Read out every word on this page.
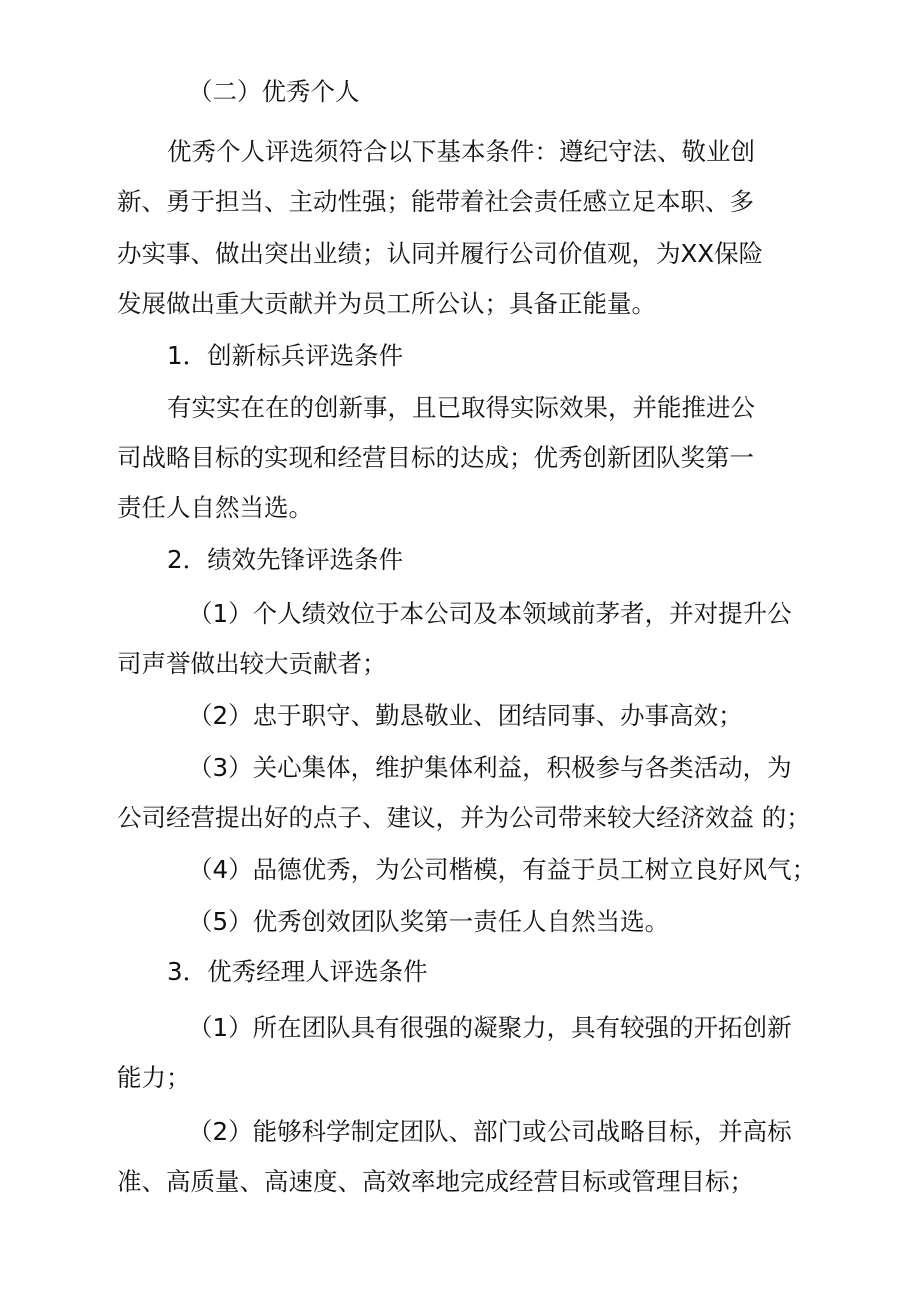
（二）优秀个人
优秀个人评选须符合以下基本条件：遵纪守法、敬业创
新、勇于担当、主动性强；能带着社会责任感立足本职、多
办实事、做出突出业绩；认同并履行公司价值观，为XX保险
发展做出重大贡献并为员工所公认；具备正能量。
1．创新标兵评选条件
有实实在在的创新事，且已取得实际效果，并能推进公
司战略目标的实现和经营目标的达成；优秀创新团队奖第一
责任人自然当选。
2．绩效先锋评选条件
（1）个人绩效位于本公司及本领域前茅者，并对提升公
司声誉做出较大贡献者；
（2）忠于职守、勤恳敬业、团结同事、办事高效；
（3）关心集体，维护集体利益，积极参与各类活动，为
公司经营提出好的点子、建议，并为公司带来较大经济效益 的；
（4）品德优秀，为公司楷模，有益于员工树立良好风气；
（5）优秀创效团队奖第一责任人自然当选。
3．优秀经理人评选条件
（1）所在团队具有很强的凝聚力，具有较强的开拓创新
能力；
（2）能够科学制定团队、部门或公司战略目标，并高标
准、高质量、高速度、高效率地完成经营目标或管理目标；
